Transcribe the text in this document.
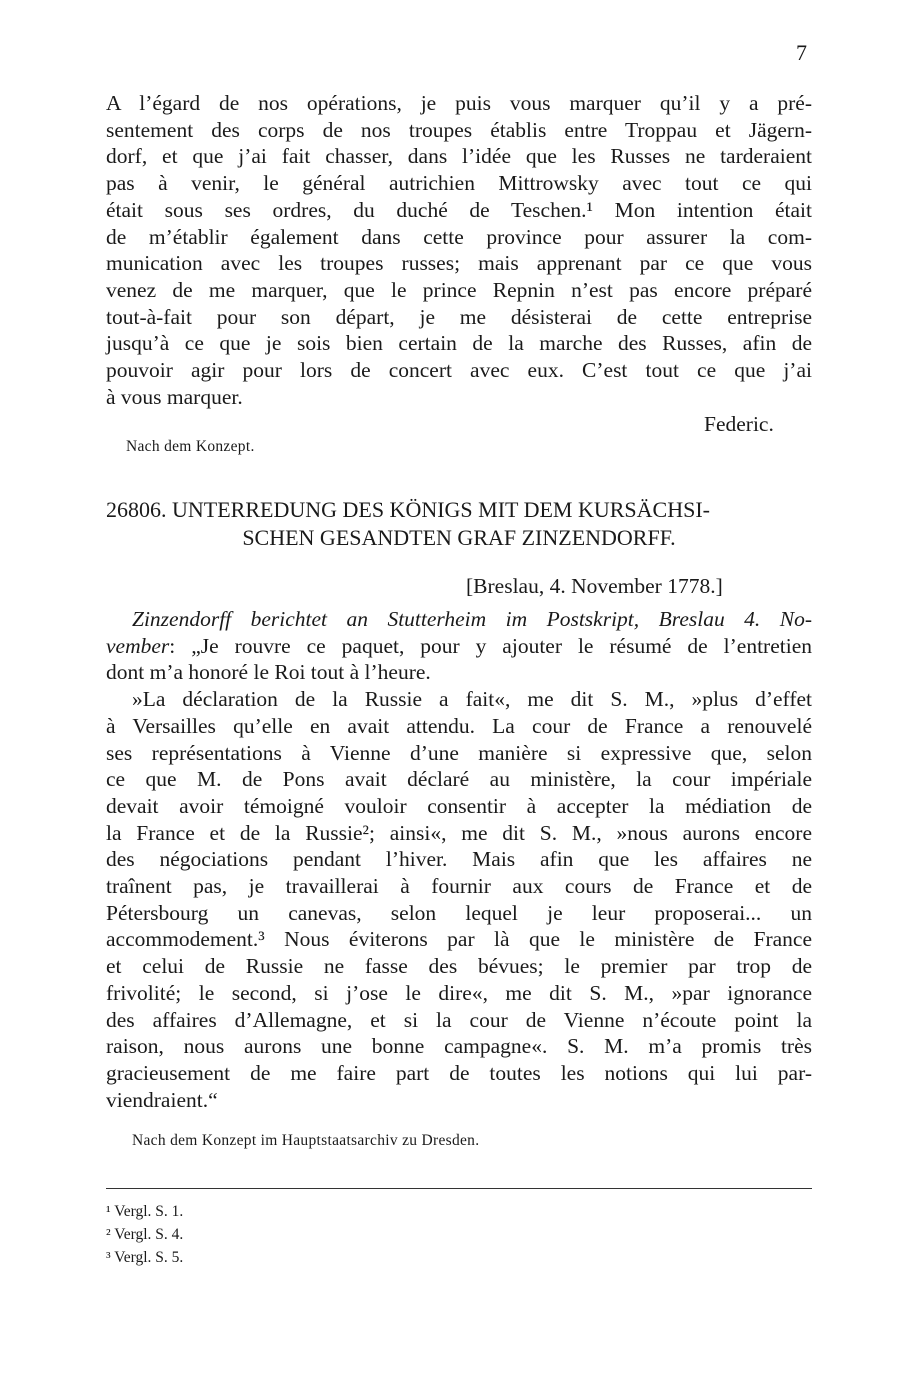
7
A l’égard de nos opérations, je puis vous marquer qu’il y a pré-
sentement des corps de nos troupes établis entre Troppau et Jägern-
dorf, et que j’ai fait chasser, dans l’idée que les Russes ne tarderaient
pas à venir, le général autrichien Mittrowsky avec tout ce qui
était sous ses ordres, du duché de Teschen.¹ Mon intention était
de m’établir également dans cette province pour assurer la com-
munication avec les troupes russes; mais apprenant par ce que vous
venez de me marquer, que le prince Repnin n’est pas encore préparé
tout-à-fait pour son départ, je me désisterai de cette entreprise
jusqu’à ce que je sois bien certain de la marche des Russes, afin de
pouvoir agir pour lors de concert avec eux. C’est tout ce que j’ai
à vous marquer.
Federic.
Nach dem Konzept.
26806. UNTERREDUNG DES KÖNIGS MIT DEM KURSÄCHSI-
SCHEN GESANDTEN GRAF ZINZENDORFF.
[Breslau, 4. November 1778.]
Zinzendorff berichtet an Stutterheim im Postskript, Breslau 4. No-
vember: „Je rouvre ce paquet, pour y ajouter le résumé de l’entretien
dont m’a honoré le Roi tout à l’heure.
»La déclaration de la Russie a fait«, me dit S. M., »plus d’effet
à Versailles qu’elle en avait attendu. La cour de France a renouvelé
ses représentations à Vienne d’une manière si expressive que, selon
ce que M. de Pons avait déclaré au ministère, la cour impériale
devait avoir témoigné vouloir consentir à accepter la médiation de
la France et de la Russie²; ainsi«, me dit S. M., »nous aurons encore
des négociations pendant l’hiver. Mais afin que les affaires ne
traînent pas, je travaillerai à fournir aux cours de France et de
Pétersbourg un canevas, selon lequel je leur proposerai... un
accommodement.³ Nous éviterons par là que le ministère de France
et celui de Russie ne fasse des bévues; le premier par trop de
frivolité; le second, si j’ose le dire«, me dit S. M., »par ignorance
des affaires d’Allemagne, et si la cour de Vienne n’écoute point la
raison, nous aurons une bonne campagne«. S. M. m’a promis très
gracieusement de me faire part de toutes les notions qui lui par-
viendraient.“
Nach dem Konzept im Hauptstaatsarchiv zu Dresden.
¹ Vergl. S. 1.
² Vergl. S. 4.
³ Vergl. S. 5.
